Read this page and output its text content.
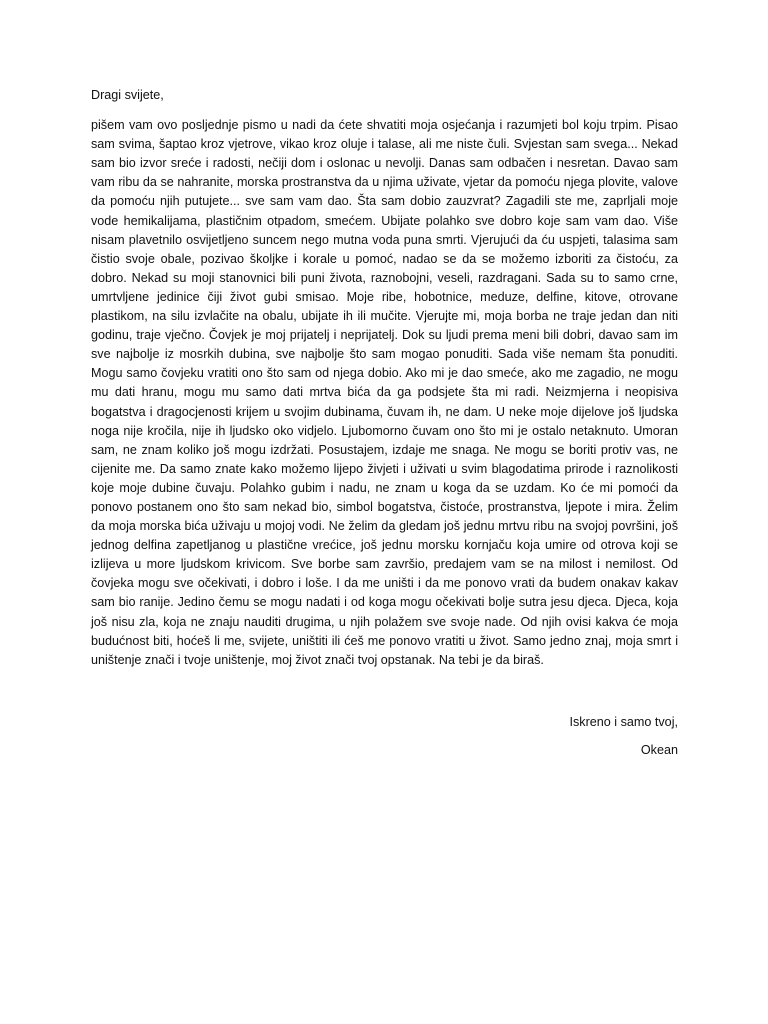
Dragi svijete,

pišem vam ovo posljednje pismo u nadi da ćete shvatiti moja osjećanja i razumjeti bol koju trpim. Pisao sam svima, šaptao kroz vjetrove, vikao kroz oluje i talase, ali me niste čuli. Svjestan sam svega... Nekad sam bio izvor sreće i radosti, nečiji dom i oslonac u nevolji. Danas sam odbačen i nesretan. Davao sam vam ribu da se nahranite, morska prostranstva da u njima uživate, vjetar da pomoću njega plovite, valove da pomoću njih putujete... sve sam vam dao. Šta sam dobio zauzvrat? Zagadili ste me, zaprljali moje vode hemikalijama, plastičnim otpadom, smećem. Ubijate polahko sve dobro koje sam vam dao. Više nisam plavetnilo osvijetljeno suncem nego mutna voda puna smrti. Vjerujući da ću uspjeti, talasima sam čistio svoje obale, pozivao školjke i korale u pomoć, nadao se da se možemo izboriti za čistoću, za dobro. Nekad su moji stanovnici bili puni života, raznobojni, veseli, razdragani. Sada su to samo crne, umrtvljene jedinice čiji život gubi smisao. Moje ribe, hobotnice, meduze, delfine, kitove, otrovane plastikom, na silu izvlačite na obalu, ubijate ih ili mučite. Vjerujte mi, moja borba ne traje jedan dan niti godinu, traje vječno. Čovjek je moj prijatelj i neprijatelj. Dok su ljudi prema meni bili dobri, davao sam im sve najbolje iz mosrkih dubina, sve najbolje što sam mogao ponuditi. Sada više nemam šta ponuditi. Mogu samo čovjeku vratiti ono što sam od njega dobio. Ako mi je dao smeće, ako me zagadio, ne mogu mu dati hranu, mogu mu samo dati mrtva bića da ga podsjete šta mi radi. Neizmjerna i neopisiva bogatstva i dragocjenosti krijem u svojim dubinama, čuvam ih, ne dam. U neke moje dijelove još ljudska noga nije kročila, nije ih ljudsko oko vidjelo. Ljubomorno čuvam ono što mi je ostalo netaknuto. Umoran sam, ne znam koliko još mogu izdržati. Posustajem, izdaje me snaga. Ne mogu se boriti protiv vas, ne cijenite me. Da samo znate kako možemo lijepo živjeti i uživati u svim blagodatima prirode i raznolikosti koje moje dubine čuvaju. Polahko gubim i nadu, ne znam u koga da se uzdam. Ko će mi pomoći da ponovo postanem ono što sam nekad bio, simbol bogatstva, čistoće, prostranstva, ljepote i mira. Želim da moja morska bića uživaju u mojoj vodi. Ne želim da gledam još jednu mrtvu ribu na svojoj površini, još jednog delfina zapetljanog u plastične vrećice, još jednu morsku kornjaču koja umire od otrova koji se izlijeva u more ljudskom krivicom. Sve borbe sam završio, predajem vam se na milost i nemilost. Od čovjeka mogu sve očekivati, i dobro i loše. I da me uništi i da me ponovo vrati da budem onakav kakav sam bio ranije. Jedino čemu se mogu nadati i od koga mogu očekivati bolje sutra jesu djeca. Djeca, koja još nisu zla, koja ne znaju nauditi drugima, u njih polažem sve svoje nade. Od njih ovisi kakva će moja budućnost biti, hoćeš li me, svijete, uništiti ili ćeš me ponovo vratiti u život. Samo jedno znaj, moja smrt i uništenje znači i tvoje uništenje, moj život znači tvoj opstanak. Na tebi je da biraš.

Iskreno i samo tvoj,

Okean
